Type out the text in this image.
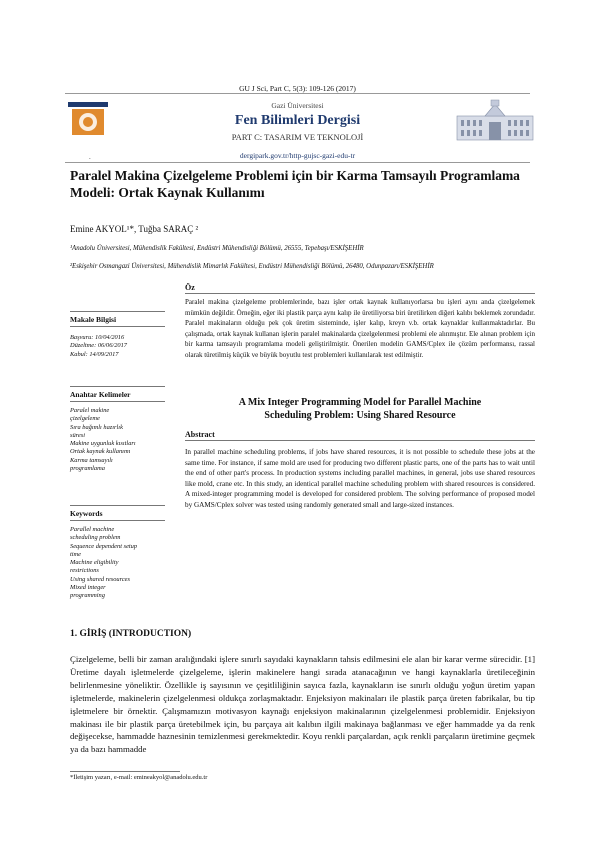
GU J Sci, Part C, 5(3): 109-126 (2017)
Gazi Üniversitesi
Fen Bilimleri Dergisi
PART C: TASARIM VE TEKNOLOJİ
dergipark.gov.tr/http-gujsc-gazi-edu-tr
.
Paralel Makina Çizelgeleme Problemi için bir Karma Tamsayılı Programlama Modeli: Ortak Kaynak Kullanımı
Emine AKYOL¹*, Tuğba SARAÇ ²
¹Anadolu Üniversitesi, Mühendislik Fakültesi, Endüstri Mühendisliği Bölümü, 26555, Tepebaşı/ESKİŞEHİR
²Eskişehir Osmangazi Üniversitesi, Mühendislik Mimarlık Fakültesi, Endüstri Mühendisliği Bölümü, 26480, Odunpazarı/ESKİŞEHİR
Öz
Paralel makina çizelgeleme problemlerinde, bazı işler ortak kaynak kullanıyorlarsa bu işleri aynı anda çizelgelemek mümkün değildir. Örneğin, eğer iki plastik parça aynı kalıp ile üretiliyorsa biri üretilirken diğeri kalıbı beklemek zorundadır. Paralel makinaların olduğu pek çok üretim sisteminde, işler kalıp, kreyn v.b. ortak kaynaklar kullanmaktadırlar. Bu çalışmada, ortak kaynak kullanan işlerin paralel makinalarda çizelgelenmesi problemi ele alınmıştır. Ele alınan problem için bir karma tamsayılı programlama modeli geliştirilmiştir. Önerilen modelin GAMS/Cplex ile çözüm performansı, rassal olarak türetilmiş küçük ve büyük boyutlu test problemleri kullanılarak test edilmiştir.
Makale Bilgisi
Başvuru: 10/04/2016
Düzeltme: 06/06/2017
Kabul: 14/09/2017
Anahtar Kelimeler
Paralel makine
çizelgeleme
Sıra bağımlı hazırlık
süresi
Makine uygunluk kısıtları
Ortak kaynak kullanımı
Karma tamsayılı
programlama
Keywords
Parallel machine
scheduling problem
Sequence dependent setup
time
Machine eligibility
restrictions
Using shared resources
Mixed integer
programming
A Mix Integer Programming Model for Parallel Machine
Scheduling Problem: Using Shared Resource
Abstract
In parallel machine scheduling problems, if jobs have shared resources, it is not possible to schedule these jobs at the same time. For instance, if same mold are used for producing two different plastic parts, one of the parts has to wait until the end of other part's process. In production systems including parallel machines, in general, jobs use shared resources like mold, crane etc. In this study, an identical parallel machine scheduling problem with shared resources is considered. A mixed-integer programming model is developed for considered problem. The solving performance of proposed model by GAMS/Cplex solver was tested using randomly generated small and large-sized instances.
1. GİRİŞ (INTRODUCTION)
Çizelgeleme, belli bir zaman aralığındaki işlere sınırlı sayıdaki kaynakların tahsis edilmesini ele alan bir karar verme sürecidir. [1] Üretime dayalı işletmelerde çizelgeleme, işlerin makinelere hangi sırada atanacağının ve hangi kaynaklarla üretileceğinin belirlenmesine yöneliktir. Özellikle iş sayısının ve çeşitliliğinin sayıca fazla, kaynakların ise sınırlı olduğu yoğun üretim yapan işletmelerde, makinelerin çizelgelenmesi oldukça zorlaşmaktadır. Enjeksiyon makinaları ile plastik parça üreten fabrikalar, bu tip işletmelere bir örnektir. Çalışmamızın motivasyon kaynağı enjeksiyon makinalarının çizelgelenmesi problemidir. Enjeksiyon makinası ile bir plastik parça üretebilmek için, bu parçaya ait kalıbın ilgili makinaya bağlanması ve eğer hammadde ya da renk değişecekse, hammadde haznesinin temizlenmesi gerekmektedir. Koyu renkli parçalardan, açık renkli parçaların üretimine geçmek ya da bazı hammadde
*İletişim yazarı, e-mail: emineakyol@anadolu.edu.tr
